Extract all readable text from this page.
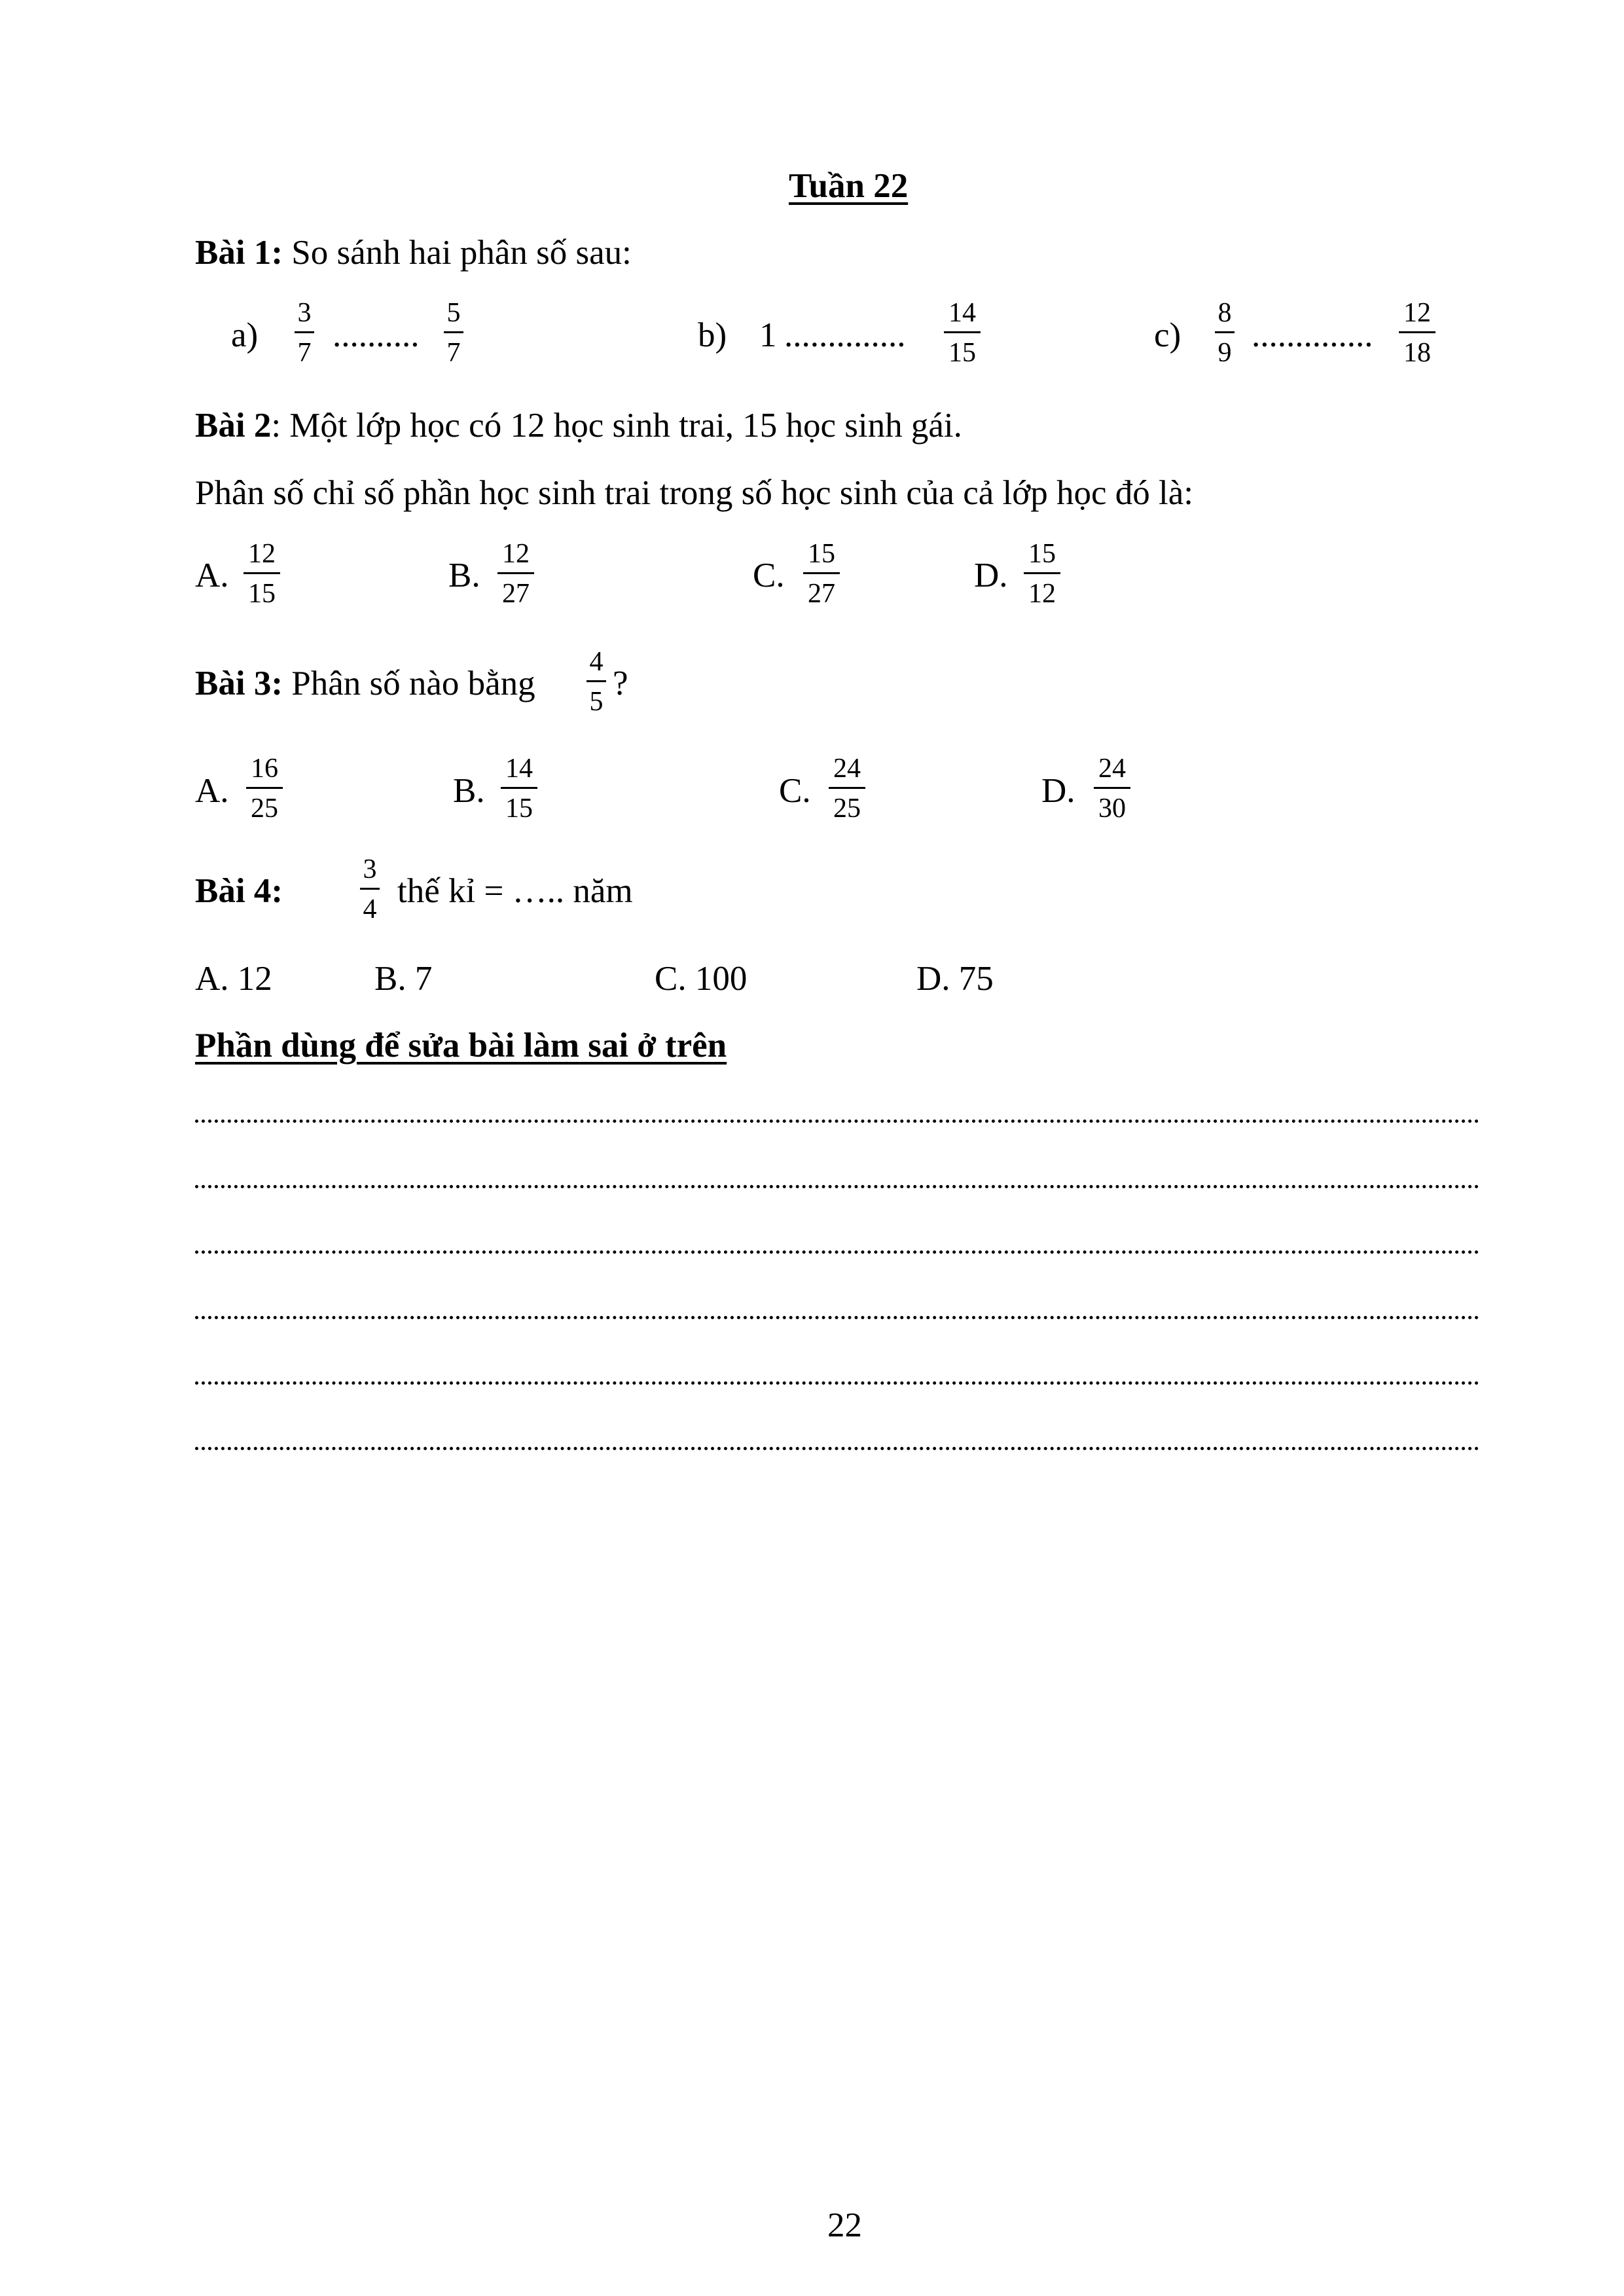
Tuần 22
Bài 1: So sánh hai phân số sau:
a)
3
7 ..........
5
7	b) 1 ..............
14
15	c)
8
9 ..............
12
18
Bài 2: Một lớp học có 12 học sinh trai, 15 học sinh gái.
Phân số chỉ số phần học sinh trai trong số học sinh của cả lớp học đó là:
A.
12
15	B.
12
27	C.
15
27	D.
15
12
Bài 3: Phân số nào bằng
4
5 ?
A.
16
25	B.
14
15	C.
24
25	D.
24
30
Bài 4:
3
4 thế kỉ = ….. năm
A. 12	B. 7	C. 100	D. 75
Phần dùng để sửa bài làm sai ở trên
22
